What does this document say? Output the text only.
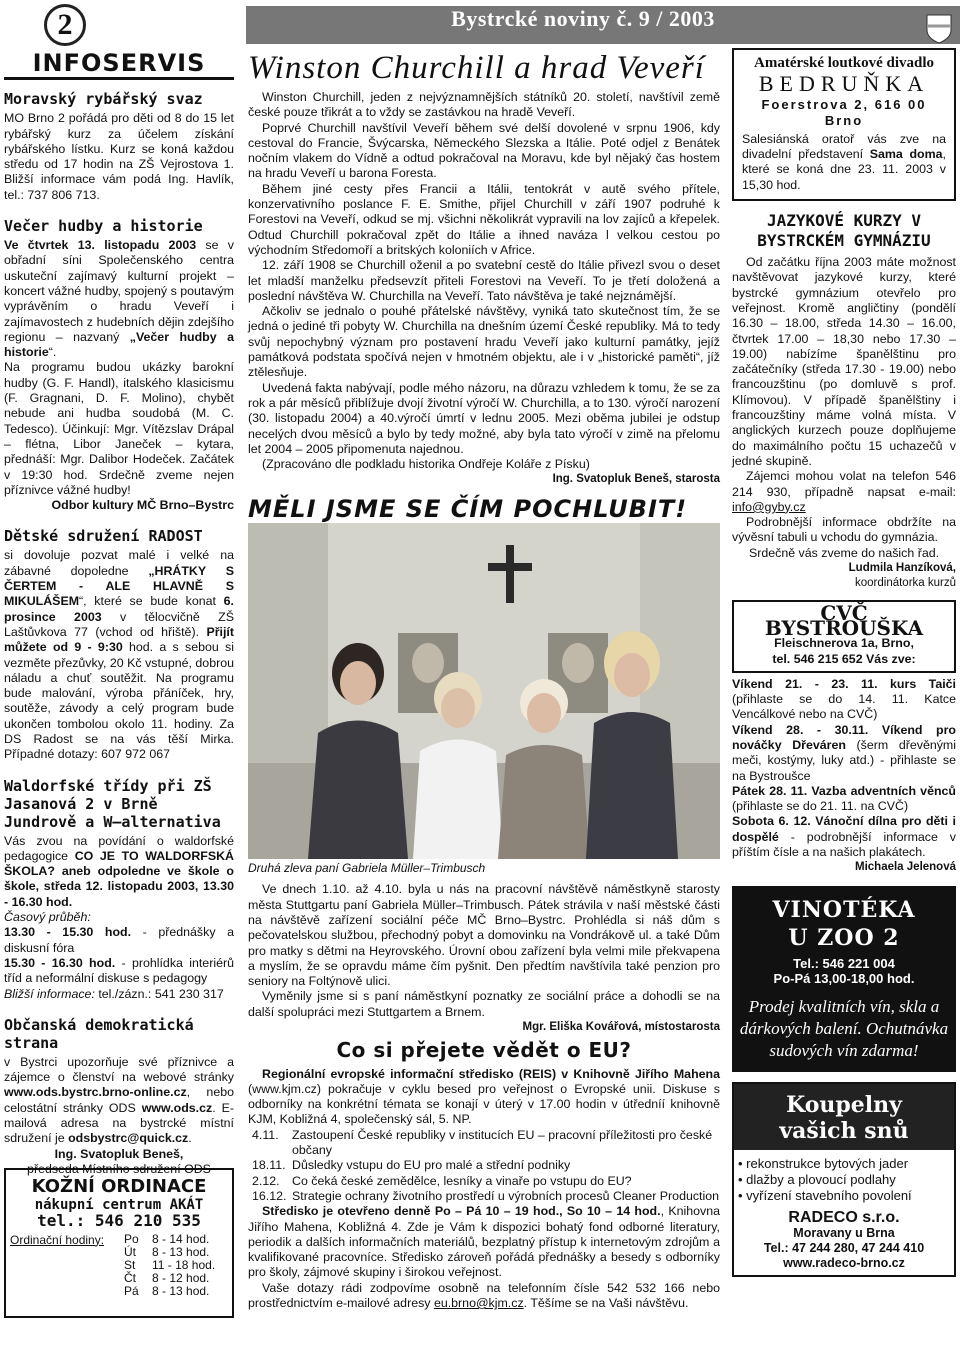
2	Bystrcké noviny č. 9 / 2003
INFOSERVIS
Moravský rybářský svaz

MO Brno 2 pořádá pro děti od 8 do 15 let rybářský kurz za účelem získání rybářského lístku. Kurz se koná každou středu od 17 hodin na ZŠ Vejrostova 1. Bližší informace vám podá Ing. Havlík, tel.: 737 806 713.

Večer hudby a historie

Ve čtvrtek 13. listopadu 2003 se v obřadní síni Společenského centra uskuteční zajímavý kulturní projekt – koncert vážné hudby, spojený s poutavým vyprávěním o hradu Veveří i zajímavostech z hudebních dějin zdejšího regionu – nazvaný „Večer hudby a historie“.

Na programu budou ukázky barokní hudby (G. F. Handl), italského klasicismu (F. Gragnani, D. F. Molino), chybět nebude ani hudba soudobá (M. C. Tedesco). Účinkují: Mgr. Vítězslav Drápal – flétna, Libor Janeček – kytara, přednáší: Mgr. Dalibor Hodeček. Začátek v 19:30 hod. Srdečně zveme nejen příznivce vážné hudby!

Odbor kultury MČ Brno–Bystrc

Dětské sdružení RADOST

si dovoluje pozvat malé i velké na zábavné dopoledne „HRÁTKY S ČERTEM - ALE HLAVNĚ S MIKULÁŠEM“, které se bude konat 6. prosince 2003 v tělocvičně ZŠ Laštůvkova 77 (vchod od hřiště). Přijít můžete od 9 - 9:30 hod. a s sebou si vezměte přezůvky, 20 Kč vstupné, dobrou náladu a chuť soutěžit. Na programu bude malování, výroba přáníček, hry, soutěže, závody a celý program bude ukončen tombolou okolo 11. hodiny. Za DS Radost se na vás těší Mirka. Případné dotazy: 607 972 067

Waldorfské třídy při ZŠ Jasanová 2 v Brně Jundrově a W–alternativa

Vás zvou na povídání o waldorfské pedagogice CO JE TO WALDORFSKÁ ŠKOLA? aneb odpoledne ve škole o škole, středa 12. listopadu 2003, 13.30 - 16.30 hod.

Časový průběh:

13.30 - 15.30 hod. - přednášky a diskusní fóra

15.30 - 16.30 hod. - prohlídka interiérů tříd a neformální diskuse s pedagogy

Bližší informace: tel./zázn.: 541 230 317

Občanská demokratická strana

v Bystrci upozorňuje své příznivce a zájemce o členství na webové stránky www.ods.bystrc.brno-online.cz, nebo celostátní stránky ODS www.ods.cz. E-mailová adresa na bystrcké místní sdružení je odsbystrc@quick.cz.

Ing. Svatopluk Beneš,

předseda Místního sdružení ODS

KOŽNÍ ORDINACE
nákupní centrum AKÁT
tel.: 546 210 535
Ordinační hodiny:	Po	8 - 14 hod.
Út	8 - 13 hod.
St	11 - 18 hod.
Čt	8 - 12 hod.
Pá	8 - 13 hod.
Winston Churchill a hrad Veveří

Winston Churchill, jeden z nejvýznamnějších státníků 20. století, navštívil země české pouze třikrát a to vždy se zastávkou na hradě Veveří.

Poprvé Churchill navštívil Veveří během své delší dovolené v srpnu 1906, kdy cestoval do Francie, Švýcarska, Německého Slezska a Itálie. Poté odjel z Benátek nočním vlakem do Vídně a odtud pokračoval na Moravu, kde byl nějaký čas hostem na hradu Veveří u barona Foresta.

Během jiné cesty přes Francii a Itálii, tentokrát v autě svého přítele, konzervativního poslance F. E. Smithe, přijel Churchill v září 1907 podruhé k Forestovi na Veveří, odkud se mj. všichni několikrát vypravili na lov zajíců a křepelek. Odtud Churchill pokračoval zpět do Itálie a ihned naváza l velkou cestou po východním Středomoří a britských koloniích v Africe.

12. září 1908 se Churchill oženil a po svatební cestě do Itálie přivezl svou o deset let mladší manželku předsevzít přiteli Forestovi na Veveří. To je třetí doložená a poslední návštěva W. Churchilla na Veveří. Tato návštěva je také nejznámější.

Ačkoliv se jednalo o pouhé přátelské návštěvy, vyniká tato skutečnost tím, že se jedná o jediné tři pobyty W. Churchilla na dnešním území České republiky. Má to tedy svůj nepochybný význam pro postavení hradu Veveří jako kulturní památky, jejíž památková podstata spočívá nejen v hmotném objektu, ale i v „historické paměti“, jíž ztělesňuje.

Uvedená fakta nabývají, podle mého názoru, na důrazu vzhledem k tomu, že se za rok a pár měsíců přiblížuje dvojí životní výročí W. Churchilla, a to 130. výročí narození (30. listopadu 2004) a 40.výročí úmrtí v lednu 2005. Mezi oběma jubilei je odstup necelých dvou měsíců a bylo by tedy možné, aby byla tato výročí v zimě na přelomu let 2004 – 2005 připomenuta najednou.

(Zpracováno dle podkladu historika Ondřeje Koláře z Písku)

Ing. Svatopluk Beneš, starosta

MĚLI JSME SE ČÍM POCHLUBIT!
Druhá zleva paní Gabriela Müller–Trimbusch

Ve dnech 1.10. až 4.10. byla u nás na pracovní návštěvě náměstkyně starosty města Stuttgartu paní Gabriela Müller–Trimbusch. Pátek strávila v naší městské části na návštěvě zařízení sociální péče MČ Brno–Bystrc. Prohlédla si náš dům s pečovatelskou službou, přechodný pobyt a domovinku na Vondrákově ul. a také Dům pro matky s dětmi na Heyrovského. Úrovní obou zařízení byla velmi mile překvapena a myslím, že se opravdu máme čím pyšnit. Den předtím navštívila také penzion pro seniory na Foltýnově ulici.

Vyměnily jsme si s paní náměstkyní poznatky ze sociální práce a dohodli se na další spolupráci mezi Stuttgartem a Brnem.

Mgr. Eliška Kovářová, místostarosta

Co si přejete vědět o EU?

Regionální evropské informační středisko (REIS) v Knihovně Jiřího Mahena (www.kjm.cz) pokračuje v cyklu besed pro veřejnost o Evropské unii. Diskuse s odborníky na konkrétní témata se konají v úterý v 17.00 hodin v útředníí knihovně KJM, Kobližná 4, společenský sál, 5. NP.

4.11.	Zastoupení České republiky v institucích EU – pracovní příležitosti pro české občany
18.11. Důsledky vstupu do EU pro malé a střední podniky
2.12.	Co čeká české zemědělce, lesníky a vinaře po vstupu do EU?
16.12. Strategie ochrany životního prostředí u výrobních procesů Cleaner Production

Středisko je otevřeno denně Po – Pá 10 – 19 hod., So 10 – 14 hod., Knihovna Jiřího Mahena, Kobližná 4. Zde je Vám k dispozici bohatý fond odborné literatury, periodik a dalších informačních materiálů, bezplatný přístup k internetovým zdrojům a kvalifikované pracovníce. Středisko zároveň pořádá přednášky a besedy s odborníky pro školy, zájmové skupiny i širokou veřejnost.

Vaše dotazy rádi zodpovíme osobně na telefonním čísle 542 532 166 nebo prostřednictvím e-mailové adresy eu.brno@kjm.cz. Těšíme se na Vaši návštěvu.

Amatérské loutkové divadlo
BEDRUŇKA
Foerstrova 2, 616 00 Brno

Salesiánská oratoř vás zve na divadelní představení Sama doma, které se koná dne 23. 11. 2003 v 15,30 hod.

JAZYKOVÉ KURZY V BYSTRCKÉM GYMNÁZIU

Od začátku října 2003 máte možnost navštěvovat jazykové kurzy, které bystrcké gymnázium otevřelo pro veřejnost. Kromě angličtiny (pondělí 16.30 – 18.00, středa 14.30 – 16.00, čtvrtek 17.00 – 18,30 nebo 17.30 – 19.00) nabízíme španělštinu pro začátečníky (středa 17.30 - 19.00) nebo francouzštinu (po domluvě s prof. Klímovou). V případě španělštiny i francouzštiny máme volná místa. V anglických kurzech pouze doplňujeme do maximálního počtu 15 uchazečů v jedné skupině.

Zájemci mohou volat na telefon 546 214 930, případně napsat e-mail: info@gyby.cz

Podrobnější informace obdržíte na vývěsní tabuli u vchodu do gymnázia.

Srdečně vás zveme do našich řad.

Ludmila Hanzíková,

koordinátorka kurzů

CVČ BYSTROUŠKA
Fleischnerova 1a, Brno,
tel. 546 215 652 Vás zve:

Víkend 21. - 23. 11. kurs Taiči (přihlaste se do 14. 11. Katce Vencálkové nebo na CVČ)

Víkend 28. - 30.11. Víkend pro nováčky Dřeváren (šerm dřevěnými meči, kostýmy, luky atd.) - přihlaste se na Bystroušce

Pátek 28. 11. Vazba adventních věnců (přihlaste se do 21. 11. na CVČ)

Sobota 6. 12. Vánoční dílna pro děti i dospělé - podrobnější informace v příštím čísle a na našich plakátech.

Michaela Jelenová

VINOTÉKA
U ZOO 2
Tel.: 546 221 004
Po-Pá 13,00-18,00 hod.
Prodej kvalitních vín, sklа a dárkových balení. Ochutnávka sudových vín zdarma!
Koupelny
vašich snů
• rekonstrukce bytových jader
• dlažby a plovoucí podlahy
• vyřízení stavebního povolení
RADECO s.r.o.
Moravany u Brna
Tel.: 47 244 280, 47 244 410
www.radeco-brno.cz
